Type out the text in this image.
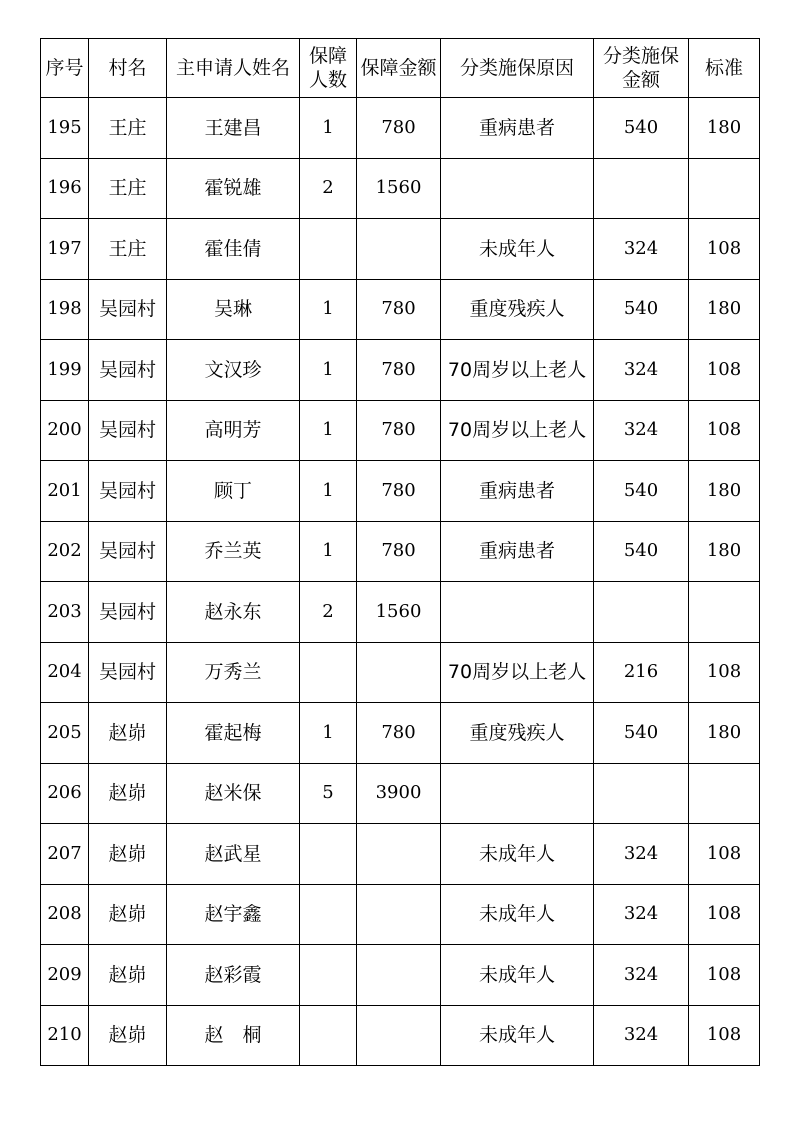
序号	村名	主申请人姓名	保障人数	保障金额	分类施保原因	分类施保金额	标准
195	王庄	王建昌	1	780	重病患者	540	180
196	王庄	霍锐雄	2	1560			
197	王庄	霍佳倩			未成年人	324	108
198	吴园村	吴琳	1	780	重度残疾人	540	180
199	吴园村	文汉珍	1	780	70周岁以上老人	324	108
200	吴园村	高明芳	1	780	70周岁以上老人	324	108
201	吴园村	顾丁	1	780	重病患者	540	180
202	吴园村	乔兰英	1	780	重病患者	540	180
203	吴园村	赵永东	2	1560			
204	吴园村	万秀兰			70周岁以上老人	216	108
205	赵峁	霍起梅	1	780	重度残疾人	540	180
206	赵峁	赵米保	5	3900			
207	赵峁	赵武星			未成年人	324	108
208	赵峁	赵宇鑫			未成年人	324	108
209	赵峁	赵彩霞			未成年人	324	108
210	赵峁	赵　桐			未成年人	324	108
